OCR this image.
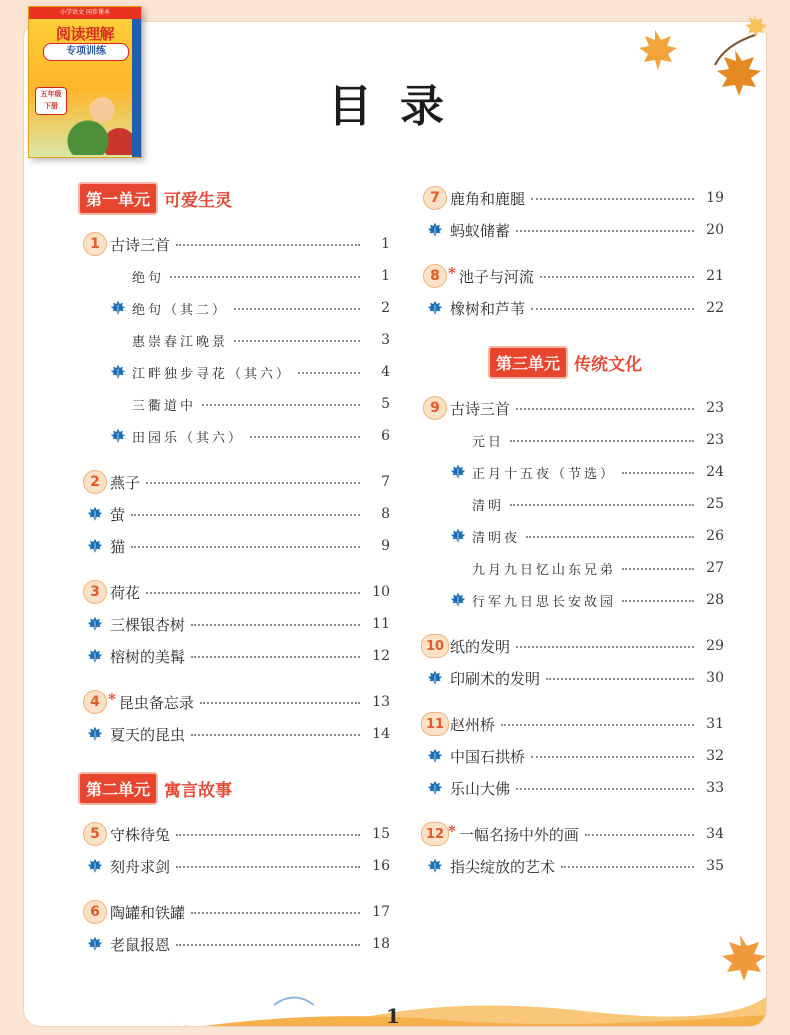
小学语文 同步课本
阅读理解
专项训练
五年级
下册	目录
第一单元 可爱生灵
1 古诗三首	1
绝句	1
绝句（其二）	2
惠崇春江晚景	3
江畔独步寻花（其六）	4
三衢道中	5
田园乐（其六）	6
2 燕子	7
萤	8
猫	9
3 荷花	10
三棵银杏树	11
榕树的美髯	12
4 * 昆虫备忘录	13
夏天的昆虫	14
第二单元 寓言故事
5 守株待兔	15
刻舟求剑	16
6 陶罐和铁罐	17
老鼠报恩	18
7 鹿角和鹿腿	19
蚂蚁储蓄	20
8 * 池子与河流	21
橡树和芦苇	22
第三单元 传统文化
9 古诗三首	23
元日	23
正月十五夜（节选）	24
清明	25
清明夜	26
九月九日忆山东兄弟	27
行军九日思长安故园	28
10 纸的发明	29
印刷术的发明	30
11 赵州桥	31
中国石拱桥	32
乐山大佛	33
12 * 一幅名扬中外的画	34
指尖绽放的艺术	35
1
